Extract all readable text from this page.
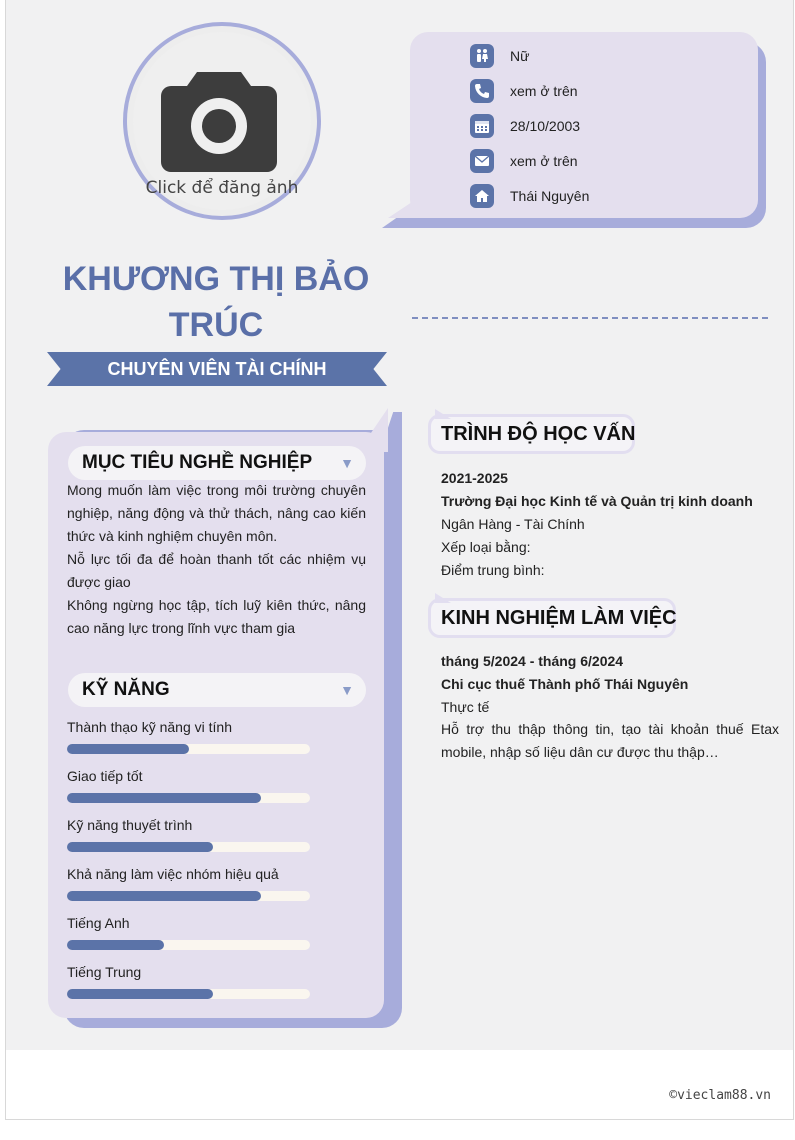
Click để đăng ảnh
Nữ
xem ở trên
28/10/2003
xem ở trên
Thái Nguyên
KHƯƠNG THỊ BẢO
TRÚC
CHUYÊN VIÊN TÀI CHÍNH
MỤC TIÊU NGHỀ NGHIỆP ▼

Mong muốn làm việc trong môi trường chuyên nghiệp, năng động và thử thách, nâng cao kiến thức và kinh nghiệm chuyên môn.

Nỗ lực tối đa để hoàn thanh tốt các nhiệm vụ được giao

Không ngừng học tập, tích luỹ kiên thức, nâng cao năng lực trong lĩnh vực tham gia

KỸ NĂNG	▼
Thành thạo kỹ năng vi tính
Giao tiếp tốt
Kỹ năng thuyết trình
Khả năng làm việc nhóm hiệu quả
Tiếng Anh
Tiếng Trung
TRÌNH ĐỘ HỌC VẤN
2021-2025
Trường Đại học Kinh tế và Quản trị kinh doanh
Ngân Hàng - Tài Chính
Xếp loại bằng:
Điểm trung bình:
KINH NGHIỆM LÀM VIỆC
tháng 5/2024 - tháng 6/2024
Chi cục thuế Thành phố Thái Nguyên
Thực tế

Hỗ trợ thu thập thông tin, tạo tài khoản thuế Etax mobile, nhập số liệu dân cư được thu thập…

©vieclam88.vn
